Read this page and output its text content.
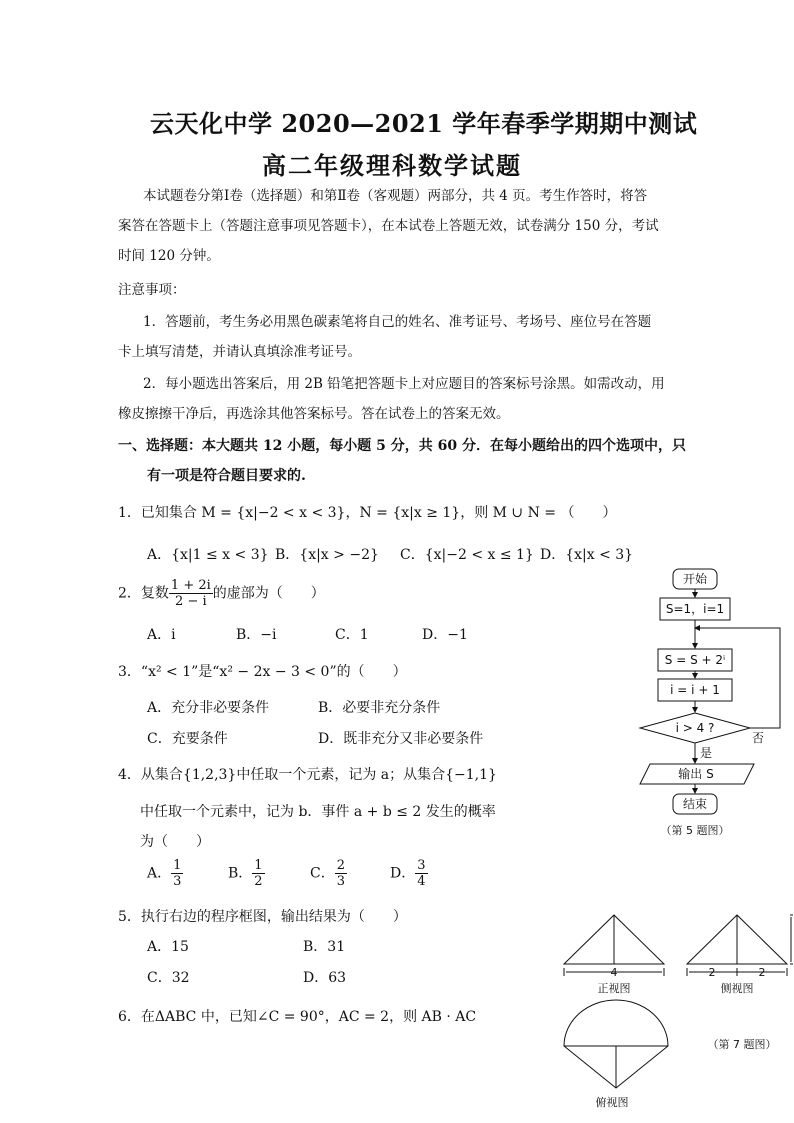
云天化中学 2020—2021 学年春季学期期中测试
高二年级理科数学试题
本试题卷分第Ⅰ卷（选择题）和第Ⅱ卷（客观题）两部分，共 4 页。考生作答时，将答
案答在答题卡上（答题注意事项见答题卡），在本试卷上答题无效，试卷满分 150 分，考试
时间 120 分钟。
注意事项：
1．答题前，考生务必用黑色碳素笔将自己的姓名、准考证号、考场号、座位号在答题
卡上填写清楚，并请认真填涂准考证号。
2．每小题选出答案后，用 2B 铅笔把答题卡上对应题目的答案标号涂黑。如需改动，用
橡皮擦擦干净后，再选涂其他答案标号。答在试卷上的答案无效。
一、选择题：本大题共 12 小题，每小题 5 分，共 60 分．在每小题给出的四个选项中，只
有一项是符合题目要求的.
1．已知集合 M = {x|−2 < x < 3}，N = {x|x ≥ 1}，则 M ∪ N = （　　）
A．{x|1 ≤ x < 3} B．{x|x > −2} C．{x|−2 < x ≤ 1} D．{x|x < 3}
2．复数 $\frac{1 + 2i}{2 - i}$ 的虚部为（　　）
A．i	B．−i	C．1	D．−1
3．“x² < 1”是“x² − 2x − 3 < 0”的（　　）
A．充分非必要条件	B．必要非充分条件
C．充要条件	D．既非充分又非必要条件
4．从集合{1,2,3}中任取一个元素，记为 a；从集合{−1,1}
中任取一个元素中，记为 b．事件 a + b ≤ 2 发生的概率
为（　　）
A． $\frac{1}{3}$	B． $\frac{1}{2}$	C． $\frac{2}{3}$	D． $\frac{3}{4}$
5．执行右边的程序框图，输出结果为（　　）
A．15	B．31
C．32	D．63
6．在ΔABC 中，已知∠C = 90°，AC = 2，则 AB · AC
开始
S=1，i=1
S = S + 2ⁱ
i = i + 1
i > 4 ?
是
否
输出 S
结束
（第 5 题图）
4	2	2
正视图	侧视图
（第 7 题图）
俯视图
